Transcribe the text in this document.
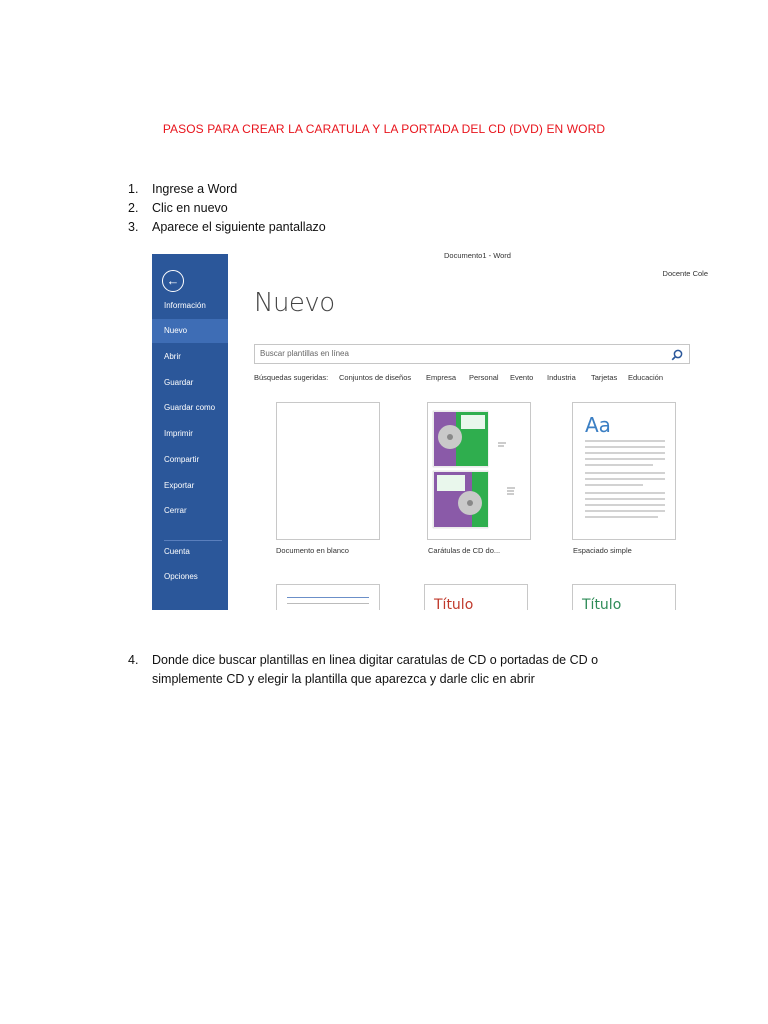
PASOS PARA CREAR LA CARATULA Y LA PORTADA DEL CD (DVD) EN WORD
1. Ingrese a Word
2. Clic en nuevo
3. Aparece el siguiente pantallazo
←
Información
Nuevo
Abrir
Guardar
Guardar como
Imprimir
Compartir
Exportar
Cerrar
Cuenta
Opciones
Documento1 - Word
Docente Cole
Nuevo
Buscar plantillas en línea
Búsquedas sugeridas: Conjuntos de diseños Empresa Personal Evento Industria Tarjetas Educación
Documento en blanco	Carátulas de CD do...
Aa
Espaciado simple
Título	Título
4.	Donde dice buscar plantillas en linea digitar caratulas de CD o portadas de CD o simplemente CD y elegir la plantilla que aparezca y darle clic en abrir
